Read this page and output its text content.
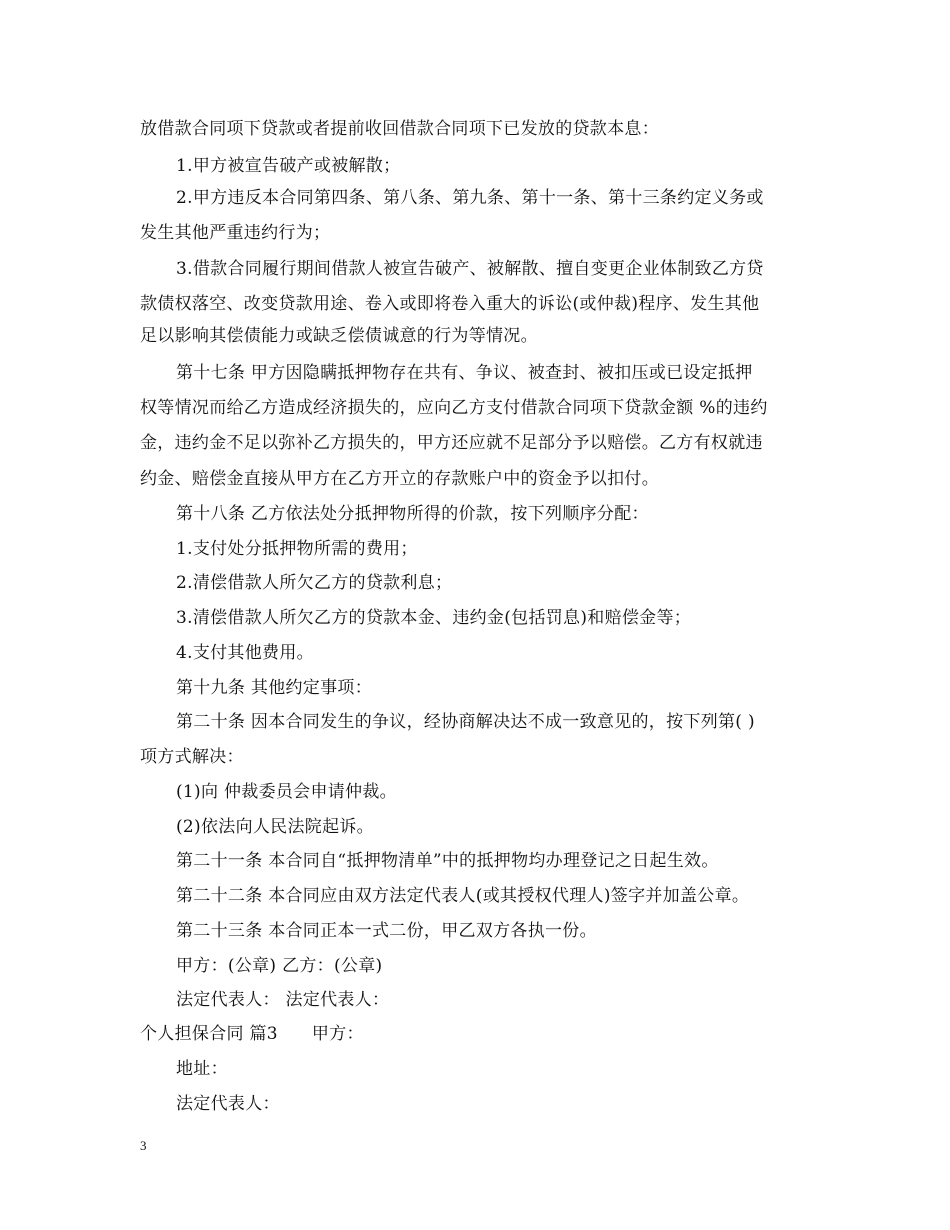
放借款合同项下贷款或者提前收回借款合同项下已发放的贷款本息：
1.甲方被宣告破产或被解散；
2.甲方违反本合同第四条、第八条、第九条、第十一条、第十三条约定义务或
发生其他严重违约行为；
3.借款合同履行期间借款人被宣告破产、被解散、擅自变更企业体制致乙方贷
款债权落空、改变贷款用途、卷入或即将卷入重大的诉讼(或仲裁)程序、发生其他
足以影响其偿债能力或缺乏偿债诚意的行为等情况。
第十七条 甲方因隐瞒抵押物存在共有、争议、被查封、被扣压或已设定抵押
权等情况而给乙方造成经济损失的，应向乙方支付借款合同项下贷款金额 %的违约
金，违约金不足以弥补乙方损失的，甲方还应就不足部分予以赔偿。乙方有权就违
约金、赔偿金直接从甲方在乙方开立的存款账户中的资金予以扣付。
第十八条 乙方依法处分抵押物所得的价款，按下列顺序分配：
1.支付处分抵押物所需的费用；
2.清偿借款人所欠乙方的贷款利息；
3.清偿借款人所欠乙方的贷款本金、违约金(包括罚息)和赔偿金等；
4.支付其他费用。
第十九条 其他约定事项：
第二十条 因本合同发生的争议，经协商解决达不成一致意见的，按下列第( )
项方式解决：
(1)向 仲裁委员会申请仲裁。
(2)依法向人民法院起诉。
第二十一条 本合同自“抵押物清单”中的抵押物均办理登记之日起生效。
第二十二条 本合同应由双方法定代表人(或其授权代理人)签字并加盖公章。
第二十三条 本合同正本一式二份，甲乙双方各执一份。
甲方：(公章) 乙方：(公章)
法定代表人： 法定代表人：
个人担保合同 篇3 甲方：
地址：
法定代表人：
3
